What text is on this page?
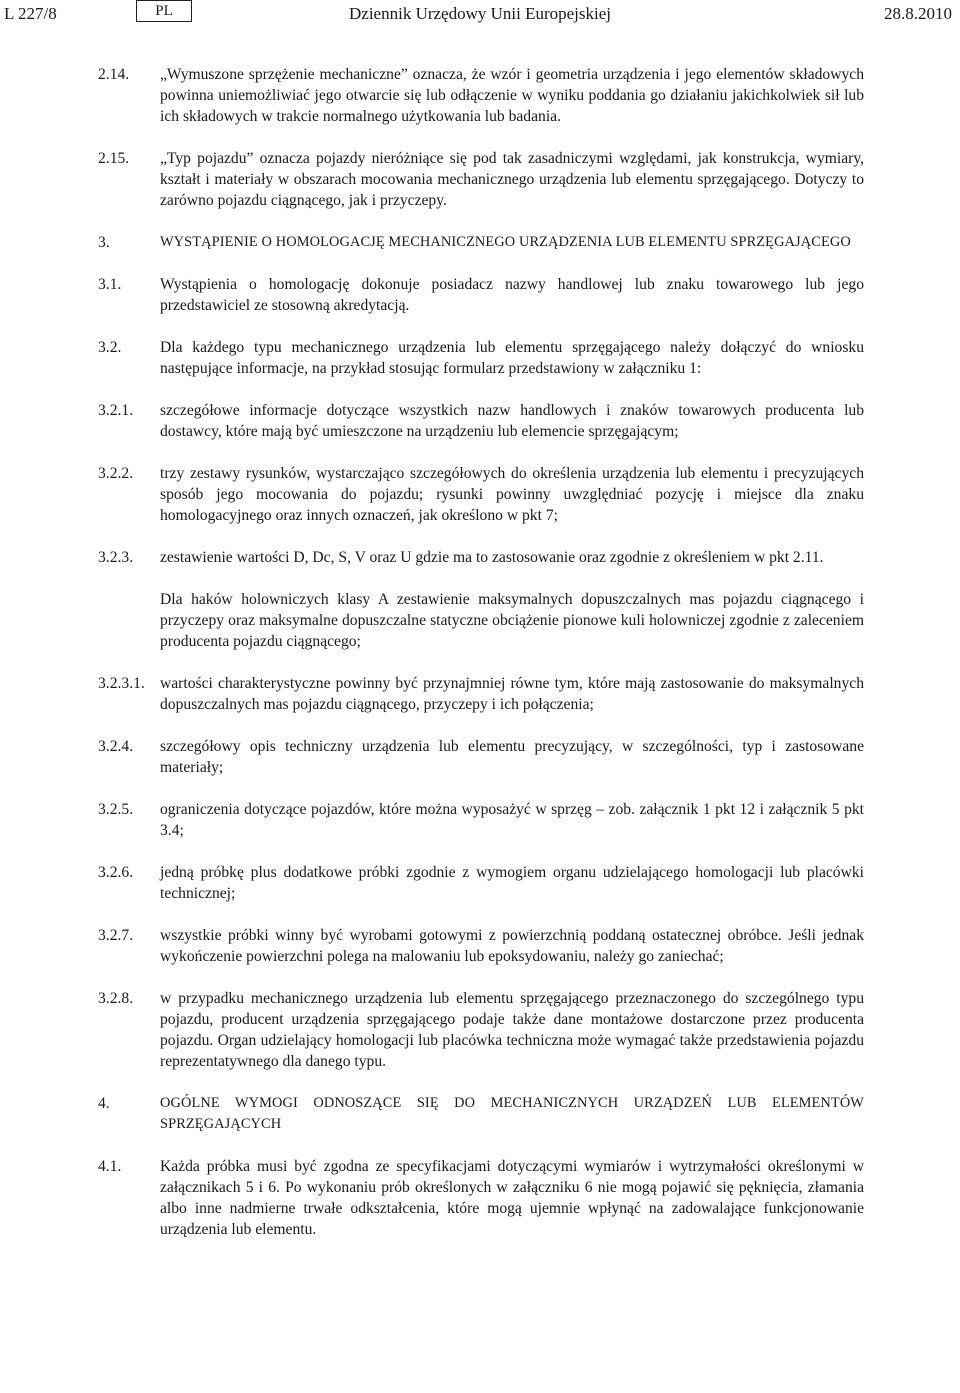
L 227/8	PL	Dziennik Urzędowy Unii Europejskiej	28.8.2010
2.14.	„Wymuszone sprzężenie mechaniczne” oznacza, że wzór i geometria urządzenia i jego elementów składowych powinna uniemożliwiać jego otwarcie się lub odłączenie w wyniku poddania go działaniu jakichkolwiek sił lub ich składowych w trakcie normalnego użytkowania lub badania.

2.15.	„Typ pojazdu” oznacza pojazdy nieróżniące się pod tak zasadniczymi względami, jak konstrukcja, wymiary, kształt i materiały w obszarach mocowania mechanicznego urządzenia lub elementu sprzęgającego. Dotyczy to zarówno pojazdu ciągnącego, jak i przyczepy.

3.	WYSTĄPIENIE O HOMOLOGACJĘ MECHANICZNEGO URZĄDZENIA LUB ELEMENTU SPRZĘGAJĄCEGO

3.1.	Wystąpienia o homologację dokonuje posiadacz nazwy handlowej lub znaku towarowego lub jego przedstawiciel ze stosowną akredytacją.

3.2.	Dla każdego typu mechanicznego urządzenia lub elementu sprzęgającego należy dołączyć do wniosku następujące informacje, na przykład stosując formularz przedstawiony w załączniku 1:

3.2.1.	szczegółowe informacje dotyczące wszystkich nazw handlowych i znaków towarowych producenta lub dostawcy, które mają być umieszczone na urządzeniu lub elemencie sprzęgającym;

3.2.2.	trzy zestawy rysunków, wystarczająco szczegółowych do określenia urządzenia lub elementu i precyzujących sposób jego mocowania do pojazdu; rysunki powinny uwzględniać pozycję i miejsce dla znaku homologacyjnego oraz innych oznaczeń, jak określono w pkt 7;

3.2.3.	zestawienie wartości D, Dc, S, V oraz U gdzie ma to zastosowanie oraz zgodnie z określeniem w pkt 2.11.

Dla haków holowniczych klasy A zestawienie maksymalnych dopuszczalnych mas pojazdu ciągnącego i przyczepy oraz maksymalne dopuszczalne statyczne obciążenie pionowe kuli holowniczej zgodnie z zaleceniem producenta pojazdu ciągnącego;

3.2.3.1. wartości charakterystyczne powinny być przynajmniej równe tym, które mają zastosowanie do maksymalnych dopuszczalnych mas pojazdu ciągnącego, przyczepy i ich połączenia;

3.2.4.	szczegółowy opis techniczny urządzenia lub elementu precyzujący, w szczególności, typ i zastosowane materiały;

3.2.5.	ograniczenia dotyczące pojazdów, które można wyposażyć w sprzęg – zob. załącznik 1 pkt 12 i załącznik 5 pkt 3.4;

3.2.6.	jedną próbkę plus dodatkowe próbki zgodnie z wymogiem organu udzielającego homologacji lub placówki technicznej;

3.2.7.	wszystkie próbki winny być wyrobami gotowymi z powierzchnią poddaną ostatecznej obróbce. Jeśli jednak wykończenie powierzchni polega na malowaniu lub epoksydowaniu, należy go zaniechać;

3.2.8.	w przypadku mechanicznego urządzenia lub elementu sprzęgającego przeznaczonego do szczególnego typu pojazdu, producent urządzenia sprzęgającego podaje także dane montażowe dostarczone przez producenta pojazdu. Organ udzielający homologacji lub placówka techniczna może wymagać także przedstawienia pojazdu reprezentatywnego dla danego typu.

4.	OGÓLNE WYMOGI ODNOSZĄCE SIĘ DO MECHANICZNYCH URZĄDZEŃ LUB ELEMENTÓW SPRZĘGAJĄCYCH

4.1.	Każda próbka musi być zgodna ze specyfikacjami dotyczącymi wymiarów i wytrzymałości określonymi w załącznikach 5 i 6. Po wykonaniu prób określonych w załączniku 6 nie mogą pojawić się pęknięcia, złamania albo inne nadmierne trwałe odkształcenia, które mogą ujemnie wpłynąć na zadowalające funkcjonowanie urządzenia lub elementu.
